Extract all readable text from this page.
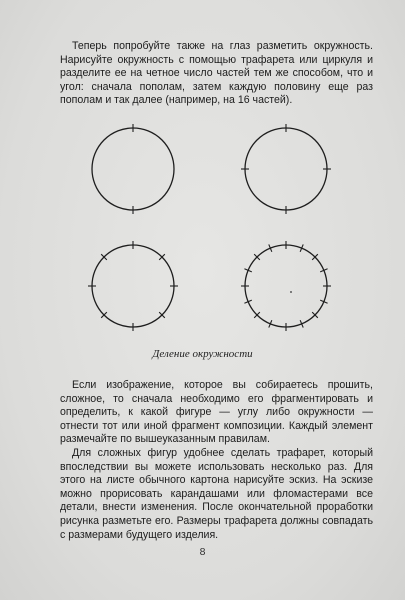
Теперь попробуйте также на глаз разметить окружность. Нарисуйте окружность с помощью трафарета или циркуля и разделите ее на четное число частей тем же способом, что и угол: сначала пополам, затем каждую половину еще раз пополам и так далее (например, на 16 частей).

Деление окружности

Если изображение, которое вы собираетесь прошить, сложное, то сначала необходимо его фрагментировать и определить, к какой фигуре — углу либо окружности — отнести тот или иной фрагмент композиции. Каждый элемент размечайте по вышеуказанным правилам.

Для сложных фигур удобнее сделать трафарет, который впоследствии вы можете использовать несколько раз. Для этого на листе обычного картона нарисуйте эскиз. На эскизе можно прорисовать карандашами или фломастерами все детали, внести изменения. После окончательной проработки рисунка разметьте его. Размеры трафарета должны совпадать с размерами будущего изделия.

8
